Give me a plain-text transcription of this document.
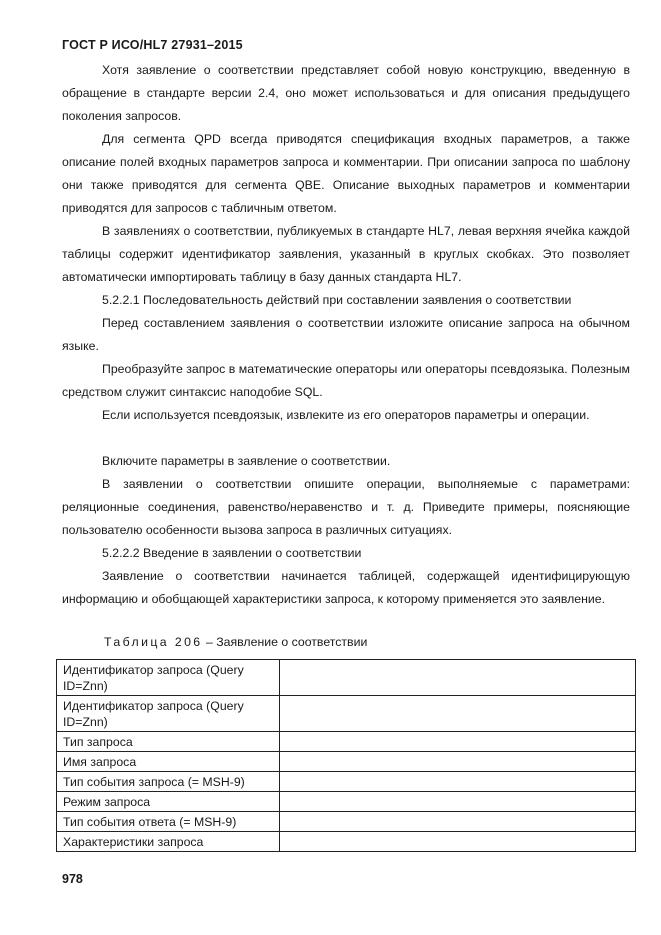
ГОСТ Р ИСО/HL7 27931–2015

Хотя заявление о соответствии представляет собой новую конструкцию, введенную в обращение в стандарте версии 2.4, оно может использоваться и для описания предыдущего поколения запросов.

Для сегмента QPD всегда приводятся спецификация входных параметров, а также описание полей входных параметров запроса и комментарии. При описании запроса по шаблону они также приводятся для сегмента QBE. Описание выходных параметров и комментарии приводятся для запросов с табличным ответом.

В заявлениях о соответствии, публикуемых в стандарте HL7, левая верхняя ячейка каждой таблицы содержит идентификатор заявления, указанный в круглых скобках. Это позволяет автоматически импортировать таблицу в базу данных стандарта HL7.

5.2.2.1 Последовательность действий при составлении заявления о соответствии

Перед составлением заявления о соответствии изложите описание запроса на обычном языке.

Преобразуйте запрос в математические операторы или операторы псевдоязыка. Полезным средством служит синтаксис наподобие SQL.

Если используется псевдоязык, извлеките из его операторов параметры и операции.

Включите параметры в заявление о соответствии.

В заявлении о соответствии опишите операции, выполняемые с параметрами: реляционные соединения, равенство/неравенство и т. д. Приведите примеры, поясняющие пользователю особенности вызова запроса в различных ситуациях.

5.2.2.2 Введение в заявлении о соответствии

Заявление о соответствии начинается таблицей, содержащей идентифицирующую информацию и обобщающей характеристики запроса, к которому применяется это заявление.

Таблица 206 – Заявление о соответствии
Идентификатор запроса (Query ID=Znn)	
Идентификатор запроса (Query ID=Znn)	
Тип запроса	
Имя запроса	
Тип события запроса (= MSH-9)	
Режим запроса	
Тип события ответа (= MSH-9)	
Характеристики запроса	
978
